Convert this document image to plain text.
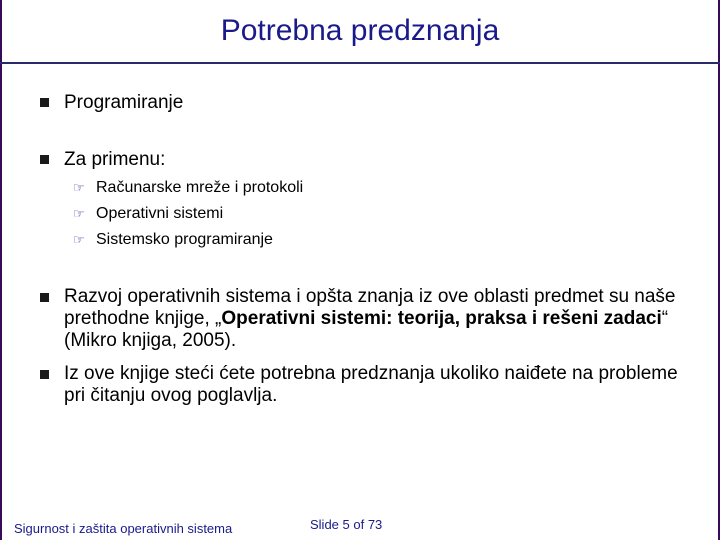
Potrebna predznanja
Programiranje
Za primenu:
☞ Računarske mreže i protokoli
☞ Operativni sistemi
☞ Sistemsko programiranje
Razvoj operativnih sistema i opšta znanja iz ove oblasti predmet su naše prethodne knjige, „Operativni sistemi: teorija, praksa i rešeni zadaci“ (Mikro knjiga, 2005).
Iz ove knjige steći ćete potrebna predznanja ukoliko naiđete na probleme pri čitanju ovog poglavlja.
Sigurnost i zaštita operativnih sistema	Slide 5 of 73
